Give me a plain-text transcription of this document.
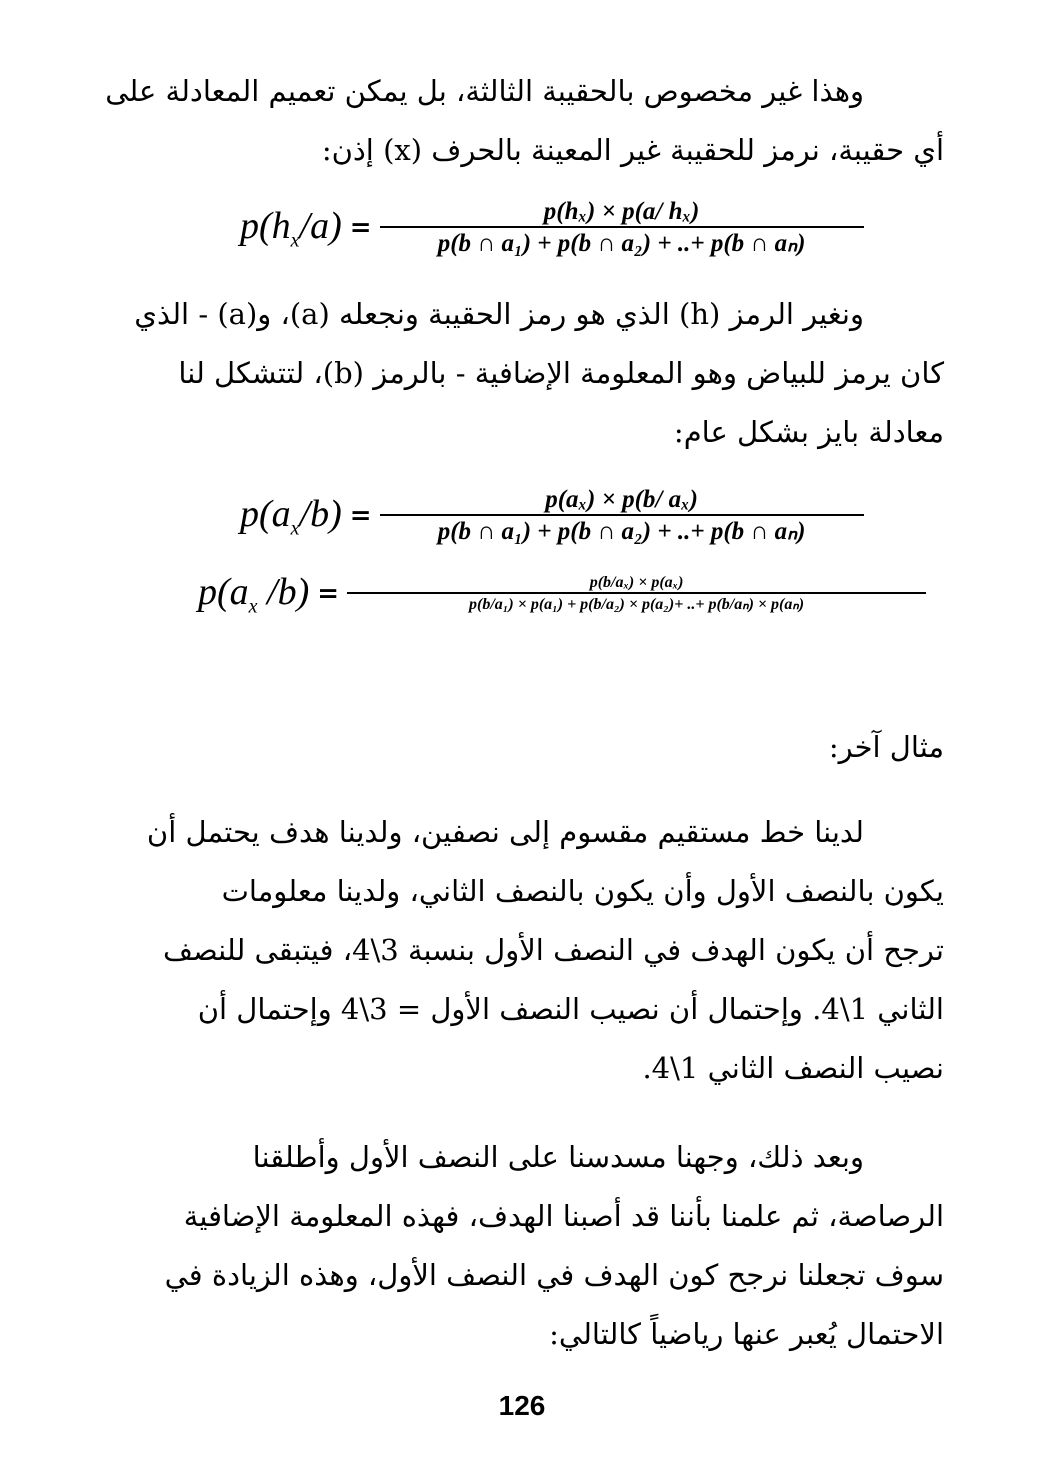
وهذا غير مخصوص بالحقيبة الثالثة، بل يمكن تعميم المعادلة على
أي حقيبة، نرمز للحقيبة غير المعينة بالحرف (x) إذن:
$p(h_x/a) = \frac{\text{p(hₓ) × p(a/ hₓ)}}{\text{p(b ∩ a₁) + p(b ∩ a₂) + ..+ p(b ∩ aₙ)}}$
ونغير الرمز (h) الذي هو رمز الحقيبة ونجعله (a)، و(a) - الذي
كان يرمز للبياض وهو المعلومة الإضافية - بالرمز (b)، لتتشكل لنا
معادلة بايز بشكل عام:
$p(a_x/b) = \frac{\text{p(aₓ) × p(b/ aₓ)}}{\text{p(b ∩ a₁) + p(b ∩ a₂) + ..+ p(b ∩ aₙ)}}$
$p(a_x$ $/b) = \frac{\text{p(b/aₓ) × p(aₓ)}}{\text{p(b/a₁) × p(a₁) + p(b/a₂) × p(a₂)+ ..+ p(b/aₙ) × p(aₙ)}}$
مثال آخر:
لدينا خط مستقيم مقسوم إلى نصفين، ولدينا هدف يحتمل أن
يكون بالنصف الأول وأن يكون بالنصف الثاني، ولدينا معلومات
ترجح أن يكون الهدف في النصف الأول بنسبة 3\4، فيتبقى للنصف
الثاني 1\4. وإحتمال أن نصيب النصف الأول = 3\4 وإحتمال أن
نصيب النصف الثاني 1\4.
وبعد ذلك، وجهنا مسدسنا على النصف الأول وأطلقنا
الرصاصة، ثم علمنا بأننا قد أصبنا الهدف، فهذه المعلومة الإضافية
سوف تجعلنا نرجح كون الهدف في النصف الأول، وهذه الزيادة في
الاحتمال يُعبر عنها رياضياً كالتالي:
126
